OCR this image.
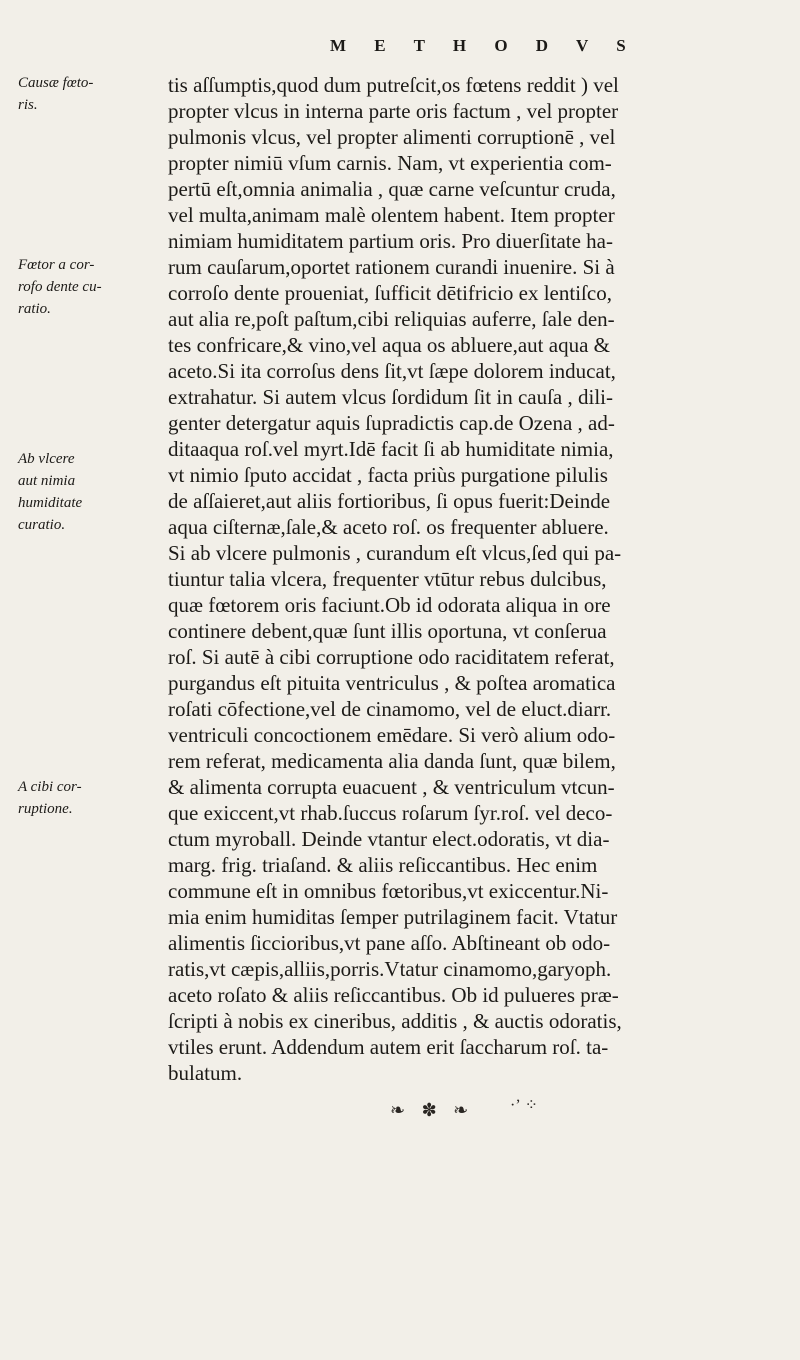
M E T H O D V S
Causæ fœto-
ris.
Fœtor a cor-
rofo dente cu-
ratio.
Ab vlcere
aut nimia
humiditate
curatio.
A cibi cor-
ruptione.
tis aſſumptis,quod dum putreſcit,os fœtens reddit ) vel
propter vlcus in interna parte oris factum , vel propter
pulmonis vlcus, vel propter alimenti corruptionē , vel
propter nimiū vſum carnis. Nam, vt experientia com-
pertū eſt,omnia animalia , quæ carne veſcuntur cruda,
vel multa,animam malè olentem habent. Item propter
nimiam humiditatem partium oris. Pro diuerſitate ha-
rum cauſarum,oportet rationem curandi inuenire. Si à
corroſo dente proueniat, ſufficit dētifricio ex lentiſco,
aut alia re,poſt paſtum,cibi reliquias auferre, ſale den-
tes confricare,& vino,vel aqua os abluere,aut aqua &
aceto.Si ita corroſus dens ſit,vt ſæpe dolorem inducat,
extrahatur. Si autem vlcus ſordidum ſit in cauſa , dili-
genter detergatur aquis ſupradictis cap.de Ozena , ad-
ditaaqua roſ.vel myrt.Idē facit ſi ab humiditate nimia,
vt nimio ſputo accidat , facta priùs purgatione pilulis
de aſſaieret,aut aliis fortioribus, ſi opus fuerit:Deinde
aqua ciſternæ,ſale,& aceto roſ. os frequenter abluere.
Si ab vlcere pulmonis , curandum eſt vlcus,ſed qui pa-
tiuntur talia vlcera, frequenter vtūtur rebus dulcibus,
quæ fœtorem oris faciunt.Ob id odorata aliqua in ore
continere debent,quæ ſunt illis oportuna, vt conſerua
roſ. Si autē à cibi corruptione odo raciditatem referat,
purgandus eſt pituita ventriculus , & poſtea aromatica
roſati cōfectione,vel de cinamomo, vel de eluct.diarr.
ventriculi concoctionem emēdare. Si verò alium odo-
rem referat, medicamenta alia danda ſunt, quæ bilem,
& alimenta corrupta euacuent , & ventriculum vtcun-
que exiccent,vt rhab.ſuccus roſarum ſyr.roſ. vel deco-
ctum myroball. Deinde vtantur elect.odoratis, vt dia-
marg. frig. triaſand. & aliis reſiccantibus. Hec enim
commune eſt in omnibus fœtoribus,vt exiccentur.Ni-
mia enim humiditas ſemper putrilaginem facit. Vtatur
alimentis ſiccioribus,vt pane aſſo. Abſtineant ob odo-
ratis,vt cæpis,alliis,porris.Vtatur cinamomo,garyoph.
aceto roſato & aliis reſiccantibus. Ob id pulueres præ-
ſcripti à nobis ex cineribus, additis , & auctis odoratis,
vtiles erunt. Addendum autem erit ſaccharum roſ. ta-
bulatum.
❧ ✽ ❧ ·ʼ ⁘
